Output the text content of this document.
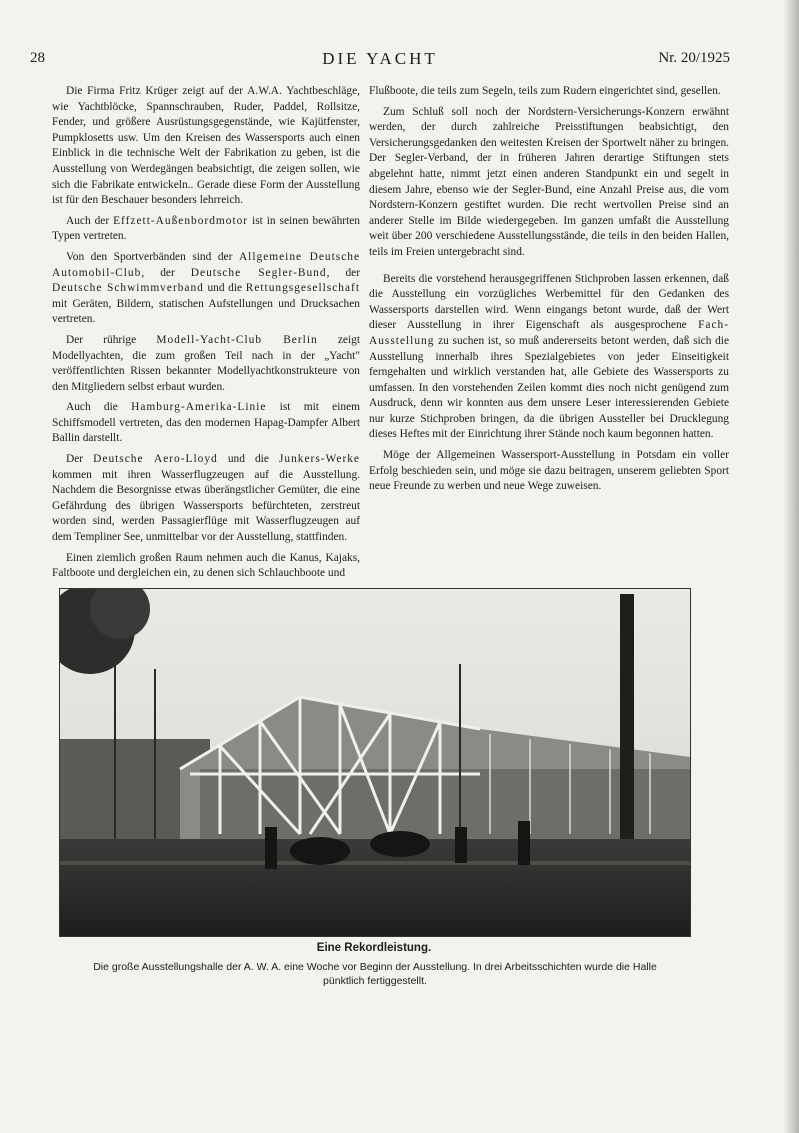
28	DIE YACHT	Nr. 20/1925

Die Firma Fritz Krüger zeigt auf der A.W.A. Yachtbeschläge, wie Yachtblöcke, Spannschrauben, Ruder, Paddel, Rollsitze, Fender, und größere Ausrüstungsgegenstände, wie Kajütfenster, Pumpklosetts usw. Um den Kreisen des Wassersports auch einen Einblick in die technische Welt der Fabrikation zu geben, ist die Ausstellung von Werdegängen beabsichtigt, die zeigen sollen, wie sich die Fabrikate entwickeln.. Gerade diese Form der Ausstellung ist für den Beschauer besonders lehrreich.

Auch der Effzett-Außenbordmotor ist in seinen bewährten Typen vertreten.

Von den Sportverbänden sind der Allgemeine Deutsche Automobil-Club, der Deutsche Segler-Bund, der Deutsche Schwimmverband und die Rettungsgesellschaft mit Geräten, Bildern, statischen Aufstellungen und Drucksachen vertreten.

Der rührige Modell-Yacht-Club Berlin zeigt Modellyachten, die zum großen Teil nach in der „Yacht" veröffentlichten Rissen bekannter Modellyachtkonstrukteure von den Mitgliedern selbst erbaut wurden.

Auch die Hamburg-Amerika-Linie ist mit einem Schiffsmodell vertreten, das den modernen Hapag-Dampfer Albert Ballin darstellt.

Der Deutsche Aero-Lloyd und die Junkers-Werke kommen mit ihren Wasserflugzeugen auf die Ausstellung. Nachdem die Besorgnisse etwas überängstlicher Gemüter, die eine Gefährdung des übrigen Wassersports befürchteten, zerstreut worden sind, werden Passagierflüge mit Wasserflugzeugen auf dem Templiner See, unmittelbar vor der Ausstellung, stattfinden.

Einen ziemlich großen Raum nehmen auch die Kanus, Kajaks, Faltboote und dergleichen ein, zu denen sich Schlauchboote und

Flußboote, die teils zum Segeln, teils zum Rudern eingerichtet sind, gesellen.

Zum Schluß soll noch der Nordstern-Versicherungs-Konzern erwähnt werden, der durch zahlreiche Preisstiftungen beabsichtigt, den Versicherungsgedanken den weitesten Kreisen der Sportwelt näher zu bringen. Der Segler-Verband, der in früheren Jahren derartige Stiftungen stets abgelehnt hatte, nimmt jetzt einen anderen Standpunkt ein und segelt in diesem Jahre, ebenso wie der Segler-Bund, eine Anzahl Preise aus, die vom Nordstern-Konzern gestiftet wurden. Die recht wertvollen Preise sind an anderer Stelle im Bilde wiedergegeben. Im ganzen umfaßt die Ausstellung weit über 200 verschiedene Ausstellungsstände, die teils in den beiden Hallen, teils im Freien untergebracht sind.

Bereits die vorstehend herausgegriffenen Stichproben lassen erkennen, daß die Ausstellung ein vorzügliches Werbemittel für den Gedanken des Wassersports darstellen wird. Wenn eingangs betont wurde, daß der Wert dieser Ausstellung in ihrer Eigenschaft als ausgesprochene Fach-Ausstellung zu suchen ist, so muß andererseits betont werden, daß sich die Ausstellung innerhalb ihres Spezialgebietes von jeder Einseitigkeit ferngehalten und wirklich verstanden hat, alle Gebiete des Wassersports zu umfassen. In den vorstehenden Zeilen kommt dies noch nicht genügend zum Ausdruck, denn wir konnten aus dem unsere Leser interessierenden Gebiete nur kurze Stichproben bringen, da die übrigen Aussteller bei Drucklegung dieses Heftes mit der Einrichtung ihrer Stände noch kaum begonnen hatten.

Möge der Allgemeinen Wassersport-Ausstellung in Potsdam ein voller Erfolg beschieden sein, und möge sie dazu beitragen, unserem geliebten Sport neue Freunde zu werben und neue Wege zuweisen.

Eine Rekordleistung.
Die große Ausstellungshalle der A. W. A. eine Woche vor Beginn der Ausstellung. In drei Arbeitsschichten wurde die Halle pünktlich fertiggestellt.
